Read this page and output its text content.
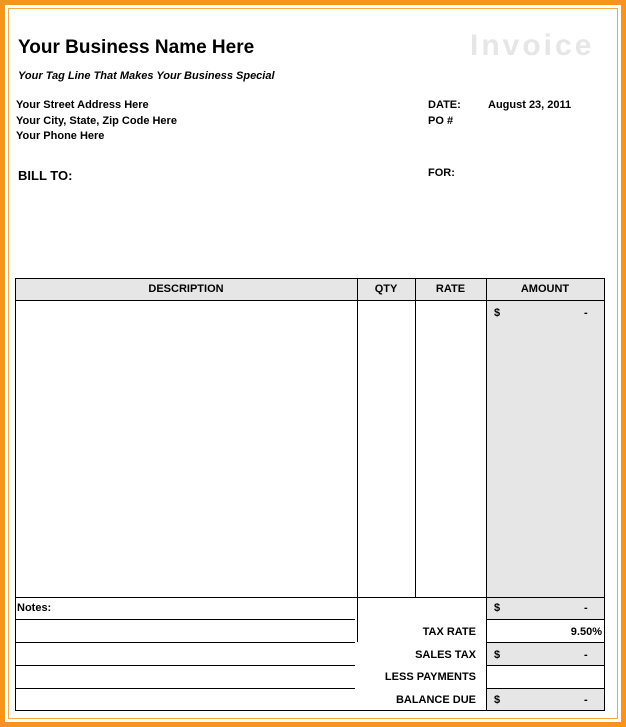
Your Business Name Here
Your Tag Line That Makes Your Business Special
Invoice
Your Street Address Here
Your City, State, Zip Code Here
Your Phone Here
DATE: August 23, 2011
PO #
BILL TO:	FOR:
DESCRIPTION	QTY	RATE	AMOUNT
$	-
Notes:	$	-
TAX RATE	9.50%
SALES TAX $	-
LESS PAYMENTS
BALANCE DUE $	-
